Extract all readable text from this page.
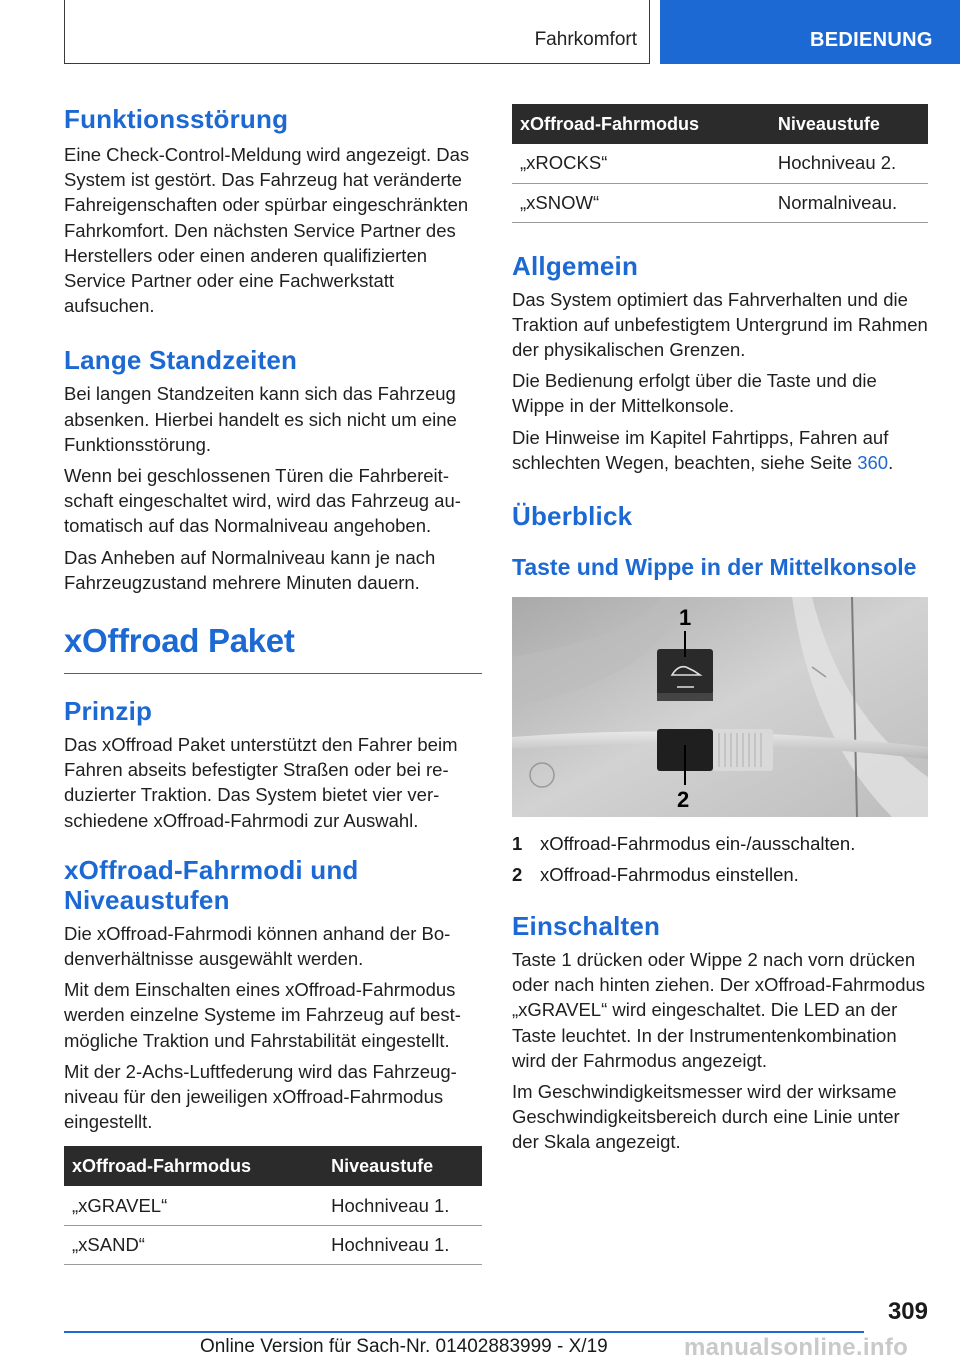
Fahrkomfort	BEDIENUNG
Funktionsstörung

Eine Check-Control-Meldung wird angezeigt. Das System ist gestört. Das Fahrzeug hat veränderte Fahreigenschaften oder spürbar eingeschränkten Fahrkomfort. Den nächsten Service Partner des Herstellers oder einen anderen qualifizierten Service Partner oder eine Fachwerkstatt aufsuchen.

Lange Standzeiten

Bei langen Standzeiten kann sich das Fahrzeug absenken. Hierbei handelt es sich nicht um eine Funktionsstörung.

Wenn bei geschlossenen Türen die Fahrbereitschaft eingeschaltet wird, wird das Fahrzeug automatisch auf das Normalniveau angehoben.

Das Anheben auf Normalniveau kann je nach Fahrzeugzustand mehrere Minuten dauern.

xOffroad Paket
Prinzip

Das xOffroad Paket unterstützt den Fahrer beim Fahren abseits befestigter Straßen oder bei reduzierter Traktion. Das System bietet vier verschiedene xOffroad-Fahrmodi zur Auswahl.

xOffroad-Fahrmodi und Niveaustufen

Die xOffroad-Fahrmodi können anhand der Bodenverhältnisse ausgewählt werden.

Mit dem Einschalten eines xOffroad-Fahrmodus werden einzelne Systeme im Fahrzeug auf bestmögliche Traktion und Fahrstabilität eingestellt.

Mit der 2-Achs-Luftfederung wird das Fahrzeugniveau für den jeweiligen xOffroad-Fahrmodus eingestellt.

xOffroad-Fahrmodus	Niveaustufe
„xGRAVEL“	Hochniveau 1.
„xSAND“	Hochniveau 1.
xOffroad-Fahrmodus	Niveaustufe
„xROCKS“	Hochniveau 2.
„xSNOW“	Normalniveau.
Allgemein

Das System optimiert das Fahrverhalten und die Traktion auf unbefestigtem Untergrund im Rahmen der physikalischen Grenzen.

Die Bedienung erfolgt über die Taste und die Wippe in der Mittelkonsole.

Die Hinweise im Kapitel Fahrtipps, Fahren auf schlechten Wegen, beachten, siehe Seite 360.

Überblick
Taste und Wippe in der Mittelkonsole
1
2
1 xOffroad-Fahrmodus ein-/ausschalten.
2 xOffroad-Fahrmodus einstellen.
Einschalten

Taste 1 drücken oder Wippe 2 nach vorn drücken oder nach hinten ziehen. Der xOffroad-Fahrmodus „xGRAVEL“ wird eingeschaltet. Die LED an der Taste leuchtet. In der Instrumentenkombination wird der Fahrmodus angezeigt.

Im Geschwindigkeitsmesser wird der wirksame Geschwindigkeitsbereich durch eine Linie unter der Skala angezeigt.

309
Online Version für Sach-Nr. 01402883999 - X/19	manualsonline.info
